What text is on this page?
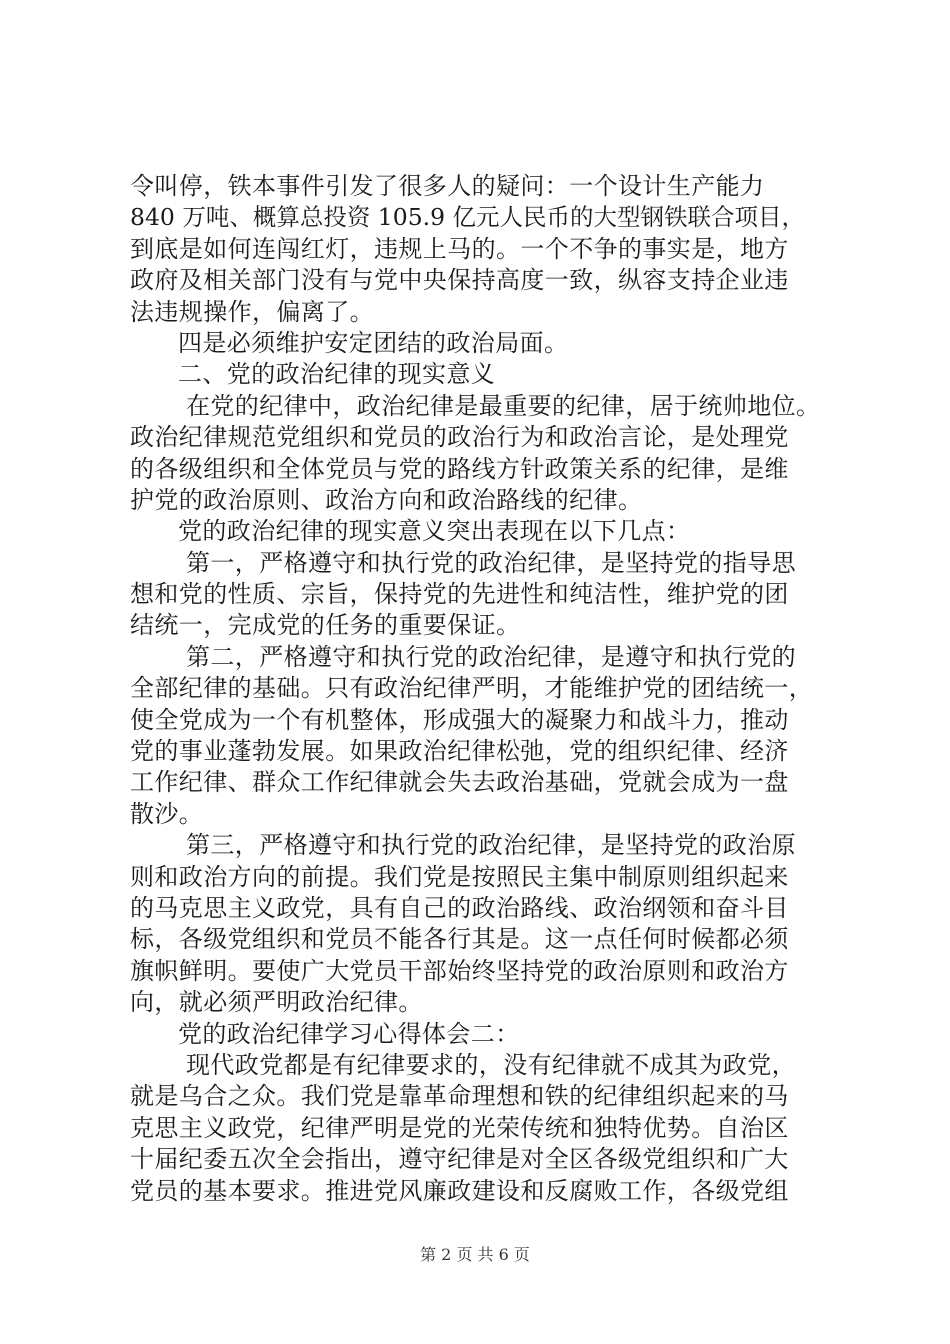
令叫停，铁本事件引发了很多人的疑问：一个设计生产能力
840 万吨、概算总投资 105.9 亿元人民币的大型钢铁联合项目，
到底是如何连闯红灯，违规上马的。一个不争的事实是，地方
政府及相关部门没有与党中央保持高度一致，纵容支持企业违
法违规操作，偏离了。
四是必须维护安定团结的政治局面。
二、党的政治纪律的现实意义
在党的纪律中，政治纪律是最重要的纪律，居于统帅地位。
政治纪律规范党组织和党员的政治行为和政治言论，是处理党
的各级组织和全体党员与党的路线方针政策关系的纪律，是维
护党的政治原则、政治方向和政治路线的纪律。
党的政治纪律的现实意义突出表现在以下几点：
第一，严格遵守和执行党的政治纪律，是坚持党的指导思
想和党的性质、宗旨，保持党的先进性和纯洁性，维护党的团
结统一，完成党的任务的重要保证。
第二，严格遵守和执行党的政治纪律，是遵守和执行党的
全部纪律的基础。只有政治纪律严明，才能维护党的团结统一，
使全党成为一个有机整体，形成强大的凝聚力和战斗力，推动
党的事业蓬勃发展。如果政治纪律松弛，党的组织纪律、经济
工作纪律、群众工作纪律就会失去政治基础，党就会成为一盘
散沙。
第三，严格遵守和执行党的政治纪律，是坚持党的政治原
则和政治方向的前提。我们党是按照民主集中制原则组织起来
的马克思主义政党，具有自己的政治路线、政治纲领和奋斗目
标，各级党组织和党员不能各行其是。这一点任何时候都必须
旗帜鲜明。要使广大党员干部始终坚持党的政治原则和政治方
向，就必须严明政治纪律。
党的政治纪律学习心得体会二：
现代政党都是有纪律要求的，没有纪律就不成其为政党，
就是乌合之众。我们党是靠革命理想和铁的纪律组织起来的马
克思主义政党，纪律严明是党的光荣传统和独特优势。自治区
十届纪委五次全会指出，遵守纪律是对全区各级党组织和广大
党员的基本要求。推进党风廉政建设和反腐败工作，各级党组
第 2 页 共 6 页
